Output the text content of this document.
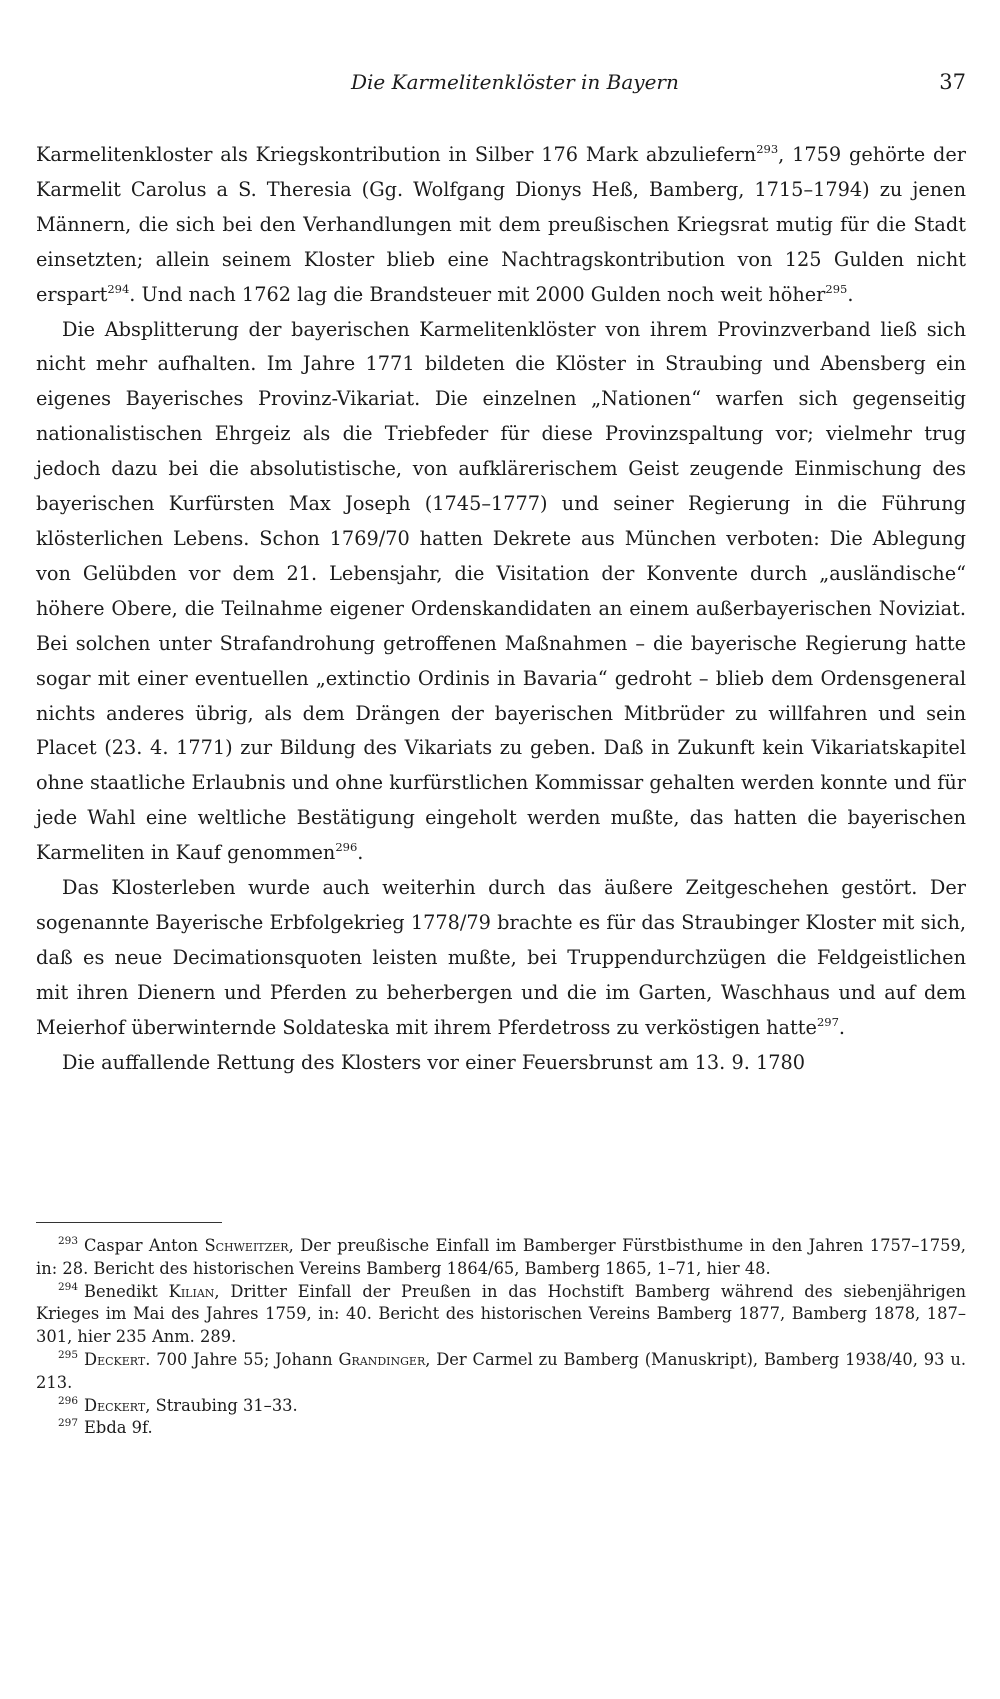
Die Karmelitenklöster in Bayern	37

Karmelitenkloster als Kriegskontribution in Silber 176 Mark abzuliefern$^{293}$, 1759 gehörte der Karmelit Carolus a S. Theresia (Gg. Wolfgang Dionys Heß, Bamberg, 1715–1794) zu jenen Männern, die sich bei den Verhandlungen mit dem preußischen Kriegsrat mutig für die Stadt einsetzten; allein seinem Kloster blieb eine Nachtragskontribution von 125 Gulden nicht erspart$^{294}$. Und nach 1762 lag die Brandsteuer mit 2000 Gulden noch weit höher$^{295}$.

Die Absplitterung der bayerischen Karmelitenklöster von ihrem Provinzverband ließ sich nicht mehr aufhalten. Im Jahre 1771 bildeten die Klöster in Straubing und Abensberg ein eigenes Bayerisches Provinz-Vikariat. Die einzelnen „Nationen“ warfen sich gegenseitig nationalistischen Ehrgeiz als die Triebfeder für diese Provinzspaltung vor; vielmehr trug jedoch dazu bei die absolutistische, von aufklärerischem Geist zeugende Einmischung des bayerischen Kurfürsten Max Joseph (1745–1777) und seiner Regierung in die Führung klösterlichen Lebens. Schon 1769/70 hatten Dekrete aus München verboten: Die Ablegung von Gelübden vor dem 21. Lebensjahr, die Visitation der Konvente durch „ausländische“ höhere Obere, die Teilnahme eigener Ordenskandidaten an einem außerbayerischen Noviziat. Bei solchen unter Strafandrohung getroffenen Maßnahmen – die bayerische Regierung hatte sogar mit einer eventuellen „extinctio Ordinis in Bavaria“ gedroht – blieb dem Ordensgeneral nichts anderes übrig, als dem Drängen der bayerischen Mitbrüder zu willfahren und sein Placet (23. 4. 1771) zur Bildung des Vikariats zu geben. Daß in Zukunft kein Vikariatskapitel ohne staatliche Erlaubnis und ohne kurfürstlichen Kommissar gehalten werden konnte und für jede Wahl eine weltliche Bestätigung eingeholt werden mußte, das hatten die bayerischen Karmeliten in Kauf genommen$^{296}$.

Das Klosterleben wurde auch weiterhin durch das äußere Zeitgeschehen gestört. Der sogenannte Bayerische Erbfolgekrieg 1778/79 brachte es für das Straubinger Kloster mit sich, daß es neue Decimationsquoten leisten mußte, bei Truppendurchzügen die Feldgeistlichen mit ihren Dienern und Pferden zu beherbergen und die im Garten, Waschhaus und auf dem Meierhof überwinternde Soldateska mit ihrem Pferdetross zu verköstigen hatte$^{297}$.

Die auffallende Rettung des Klosters vor einer Feuersbrunst am 13. 9. 1780

$^{293}$ Caspar Anton Schweitzer, Der preußische Einfall im Bamberger Fürstbisthume in den Jahren 1757–1759, in: 28. Bericht des historischen Vereins Bamberg 1864/65, Bamberg 1865, 1–71, hier 48.

$^{294}$ Benedikt Kilian, Dritter Einfall der Preußen in das Hochstift Bamberg während des siebenjährigen Krieges im Mai des Jahres 1759, in: 40. Bericht des historischen Vereins Bamberg 1877, Bamberg 1878, 187–301, hier 235 Anm. 289.

$^{295}$ Deckert. 700 Jahre 55; Johann Grandinger, Der Carmel zu Bamberg (Manuskript), Bamberg 1938/40, 93 u. 213.

$^{296}$ Deckert, Straubing 31–33.

$^{297}$ Ebda 9f.
